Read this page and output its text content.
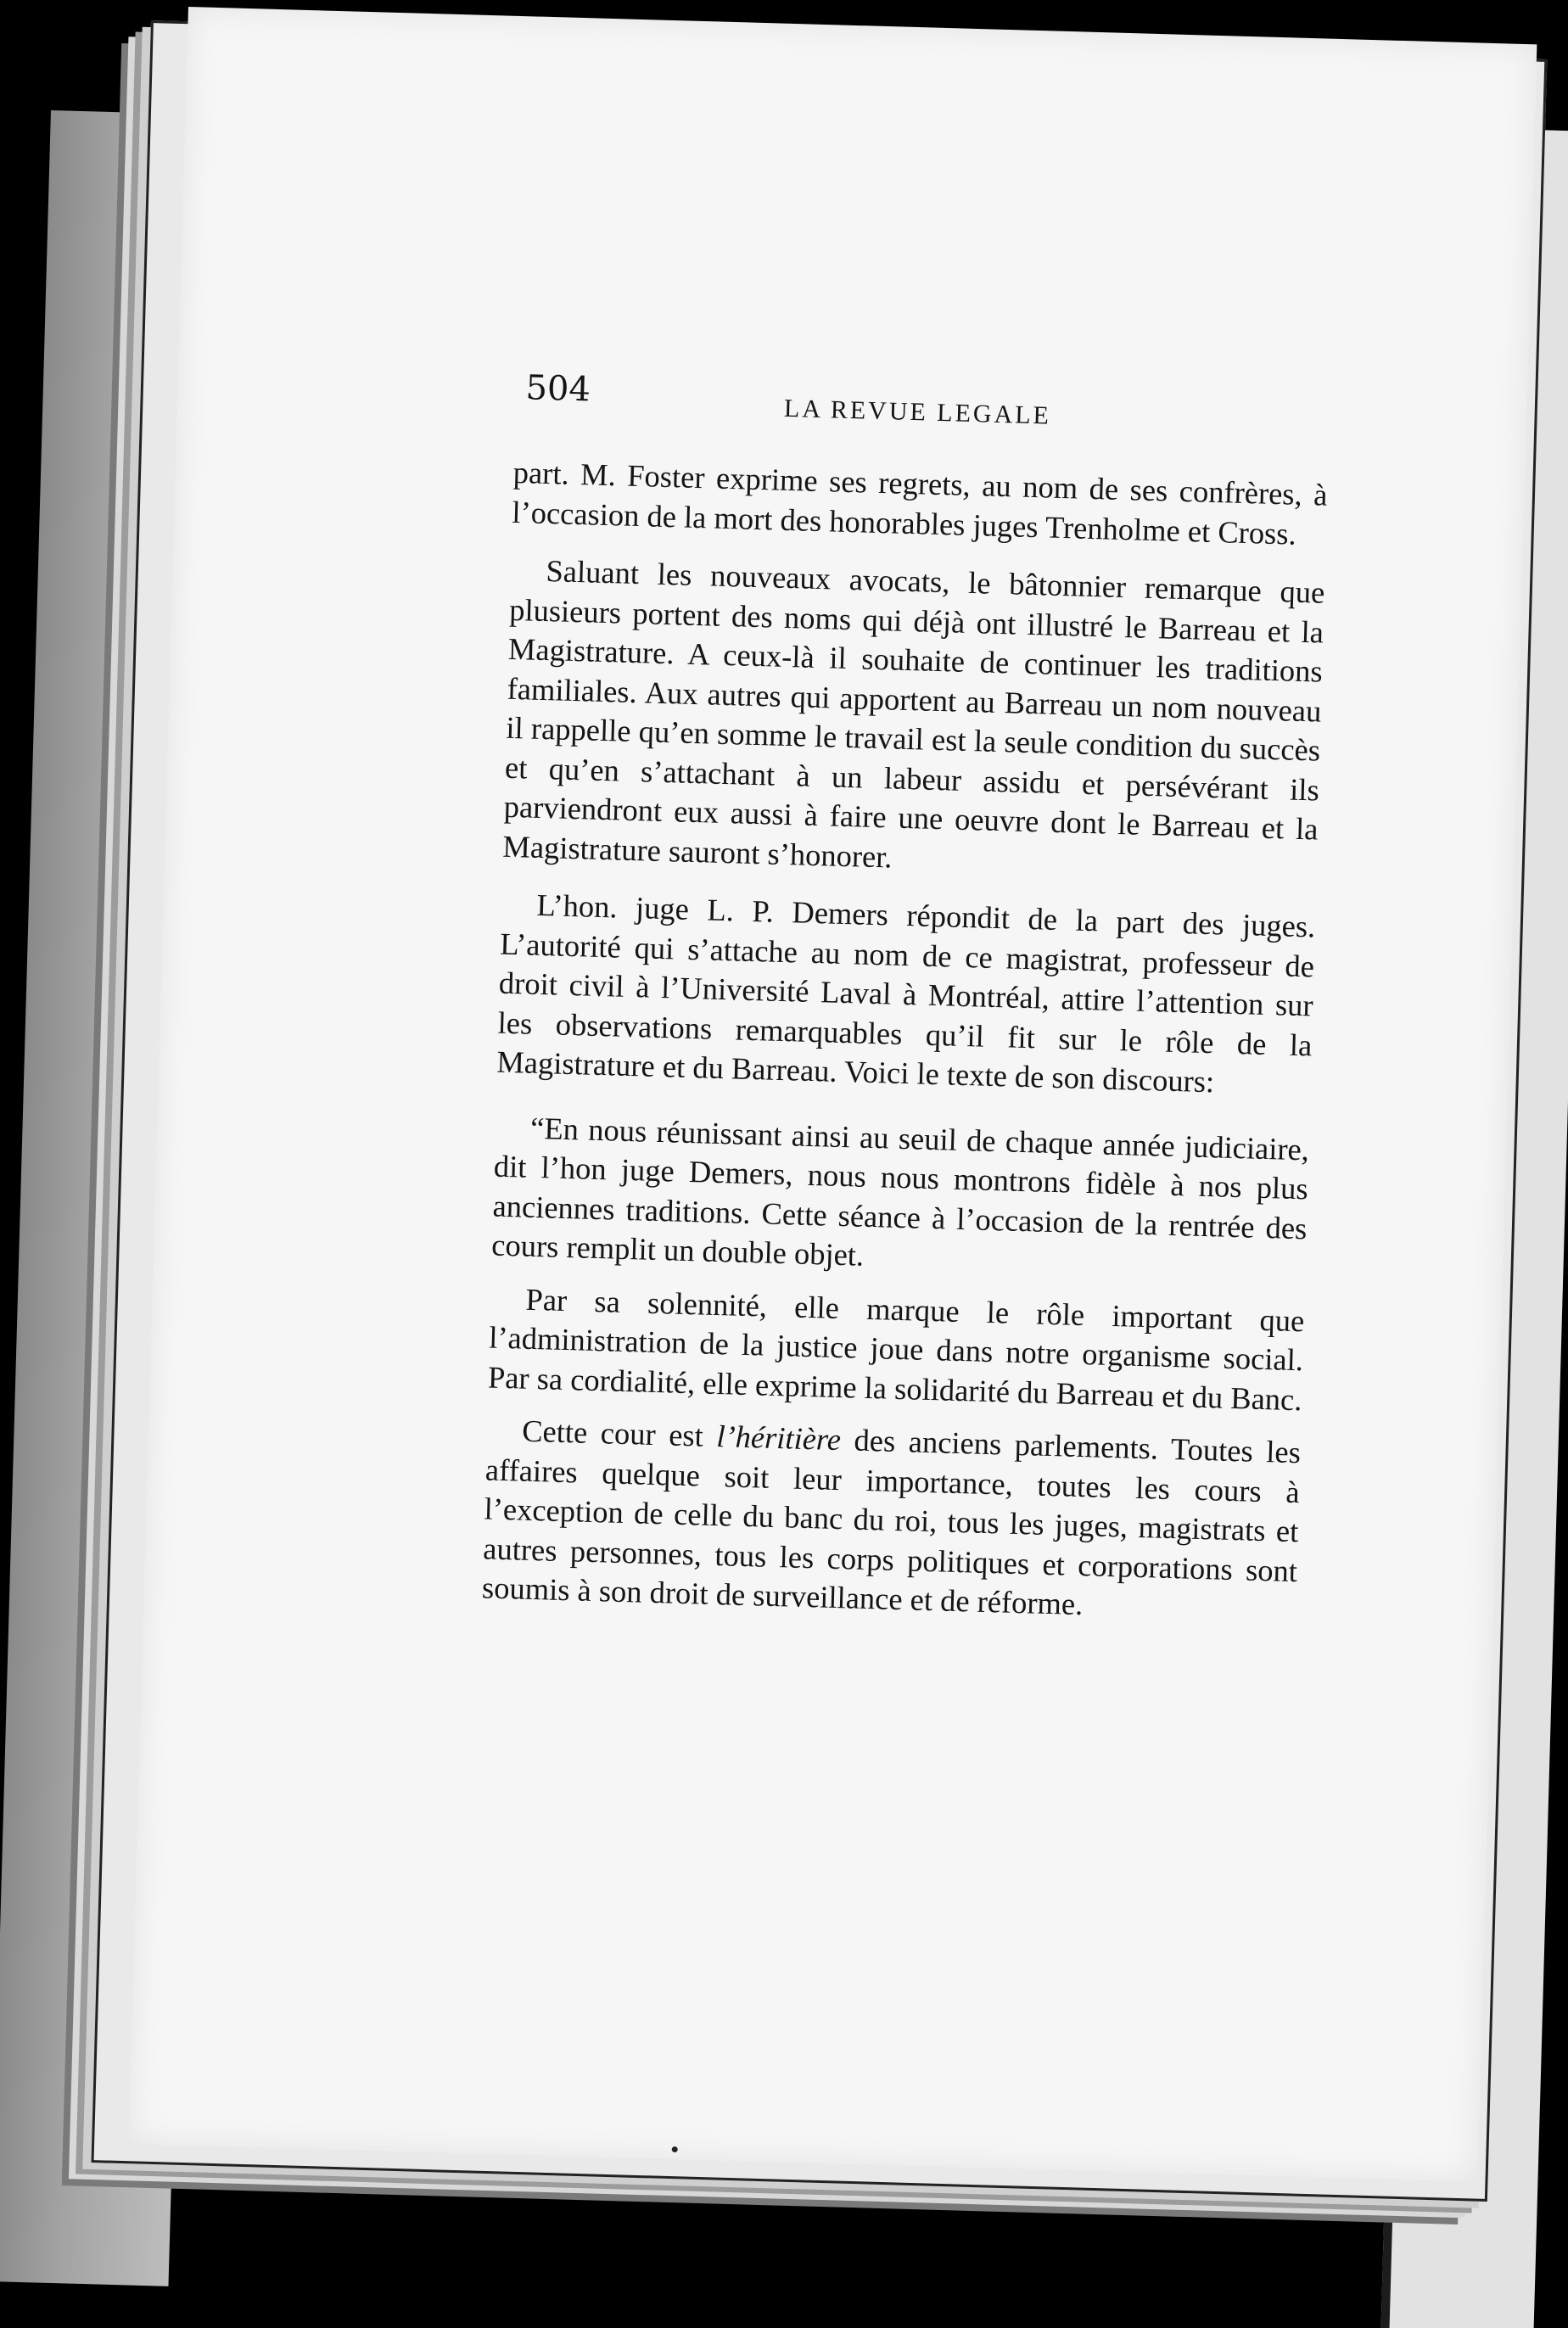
504
LA REVUE LEGALE

part. M. Foster exprime ses regrets, au nom de ses confrères, à l’occasion de la mort des honorables juges Trenholme et Cross.

Saluant les nouveaux avocats, le bâtonnier remarque que plusieurs portent des noms qui déjà ont illustré le Barreau et la Magistrature. A ceux-là il souhaite de continuer les traditions familiales. Aux autres qui apportent au Barreau un nom nouveau il rappelle qu’en somme le travail est la seule condition du succès et qu’en s’attachant à un labeur assidu et persévérant ils parviendront eux aussi à faire une oeuvre dont le Barreau et la Magistrature sauront s’honorer.

L’hon. juge L. P. Demers répondit de la part des juges. L’autorité qui s’attache au nom de ce magistrat, professeur de droit civil à l’Université Laval à Montréal, attire l’attention sur les observations remarquables qu’il fit sur le rôle de la Magistrature et du Barreau. Voici le texte de son discours:

“En nous réunissant ainsi au seuil de chaque année judiciaire, dit l’hon juge Demers, nous nous montrons fidèle à nos plus anciennes traditions. Cette séance à l’occasion de la rentrée des cours remplit un double objet.

Par sa solennité, elle marque le rôle important que l’administration de la justice joue dans notre organisme social. Par sa cordialité, elle exprime la solidarité du Barreau et du Banc.

Cette cour est l’héritière des anciens parlements. Toutes les affaires quelque soit leur importance, toutes les cours à l’exception de celle du banc du roi, tous les juges, magistrats et autres personnes, tous les corps politiques et corporations sont soumis à son droit de surveillance et de réforme.
